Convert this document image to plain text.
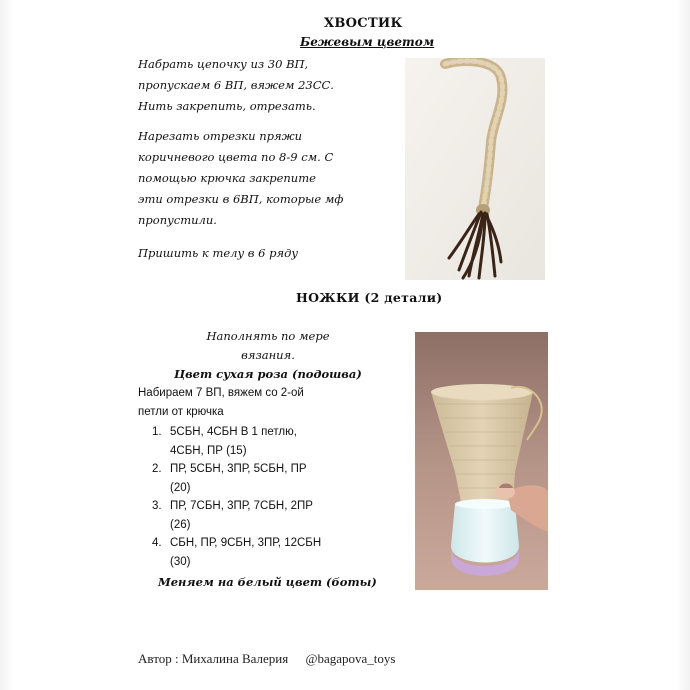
ХВОСТИК
Бежевым цветом
Набрать цепочку из 30 ВП,
пропускаем 6 ВП, вяжем 23СС.
Нить закрепить, отрезать.
Нарезать отрезки пряжи
коричневого цвета по 8-9 см. С
помощью крючка закрепите
эти отрезки в 6ВП, которые мф
пропустили.
Пришить к телу в 6 ряду
НОЖКИ (2 детали)
Наполнять по мере
вязания.
Цвет сухая роза (подошва)
Набираем 7 ВП, вяжем со 2-ой
петли от крючка
1. 5СБН, 4СБН В 1 петлю,
4СБН, ПР (15)
2. ПР, 5СБН, 3ПР, 5СБН, ПР
(20)
3. ПР, 7СБН, 3ПР, 7СБН, 2ПР
(26)
4. СБН, ПР, 9СБН, 3ПР, 12СБН
(30)
Меняем на белый цвет (боты)
Автор : Михалина Валерия @bagapova_toys
